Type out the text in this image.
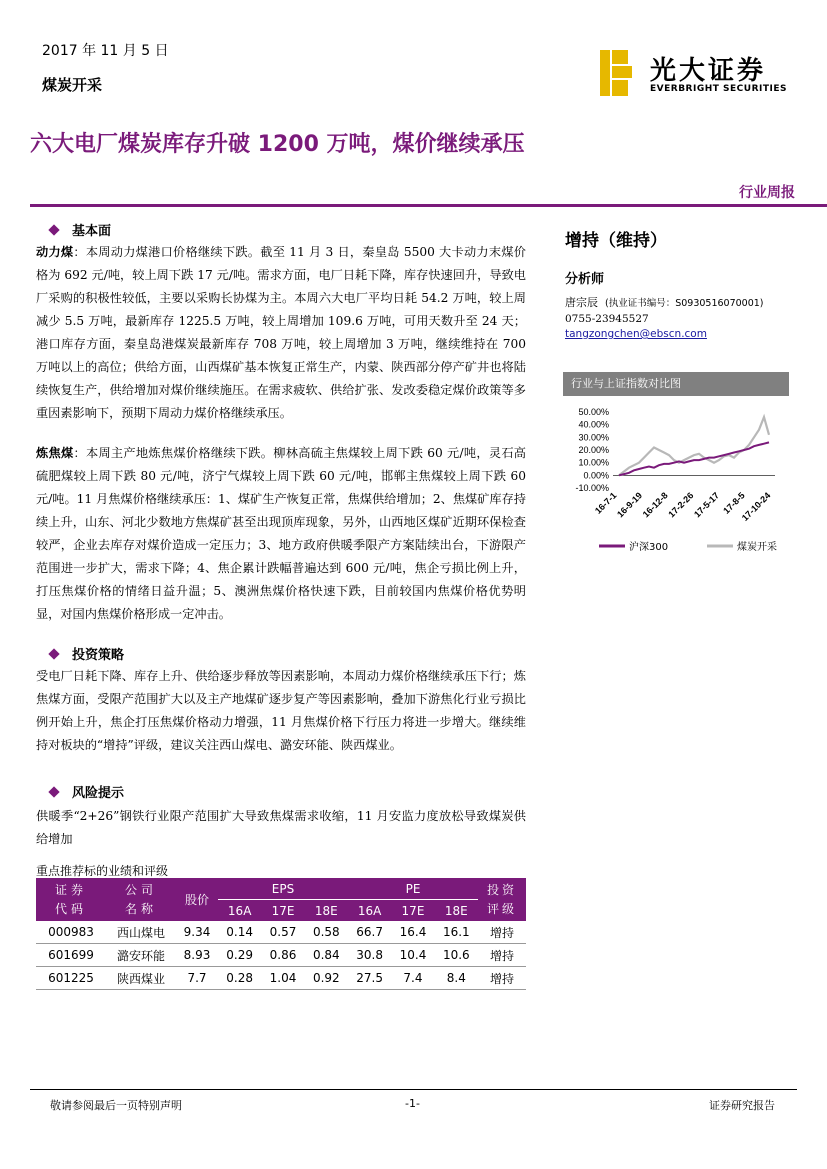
2017 年 11 月 5 日
煤炭开采	光大证券
EVERBRIGHT SECURITIES
六大电厂煤炭库存升破 1200 万吨，煤价继续承压
行业周报
基本面
动力煤：本周动力煤港口价格继续下跌。截至 11 月 3 日，秦皇岛 5500 大卡动力末煤价格为 692 元/吨，较上周下跌 17 元/吨。需求方面，电厂日耗下降，库存快速回升，导致电厂采购的积极性较低，主要以采购长协煤为主。本周六大电厂平均日耗 54.2 万吨，较上周减少 5.5 万吨，最新库存 1225.5 万吨，较上周增加 109.6 万吨，可用天数升至 24 天；港口库存方面，秦皇岛港煤炭最新库存 708 万吨，较上周增加 3 万吨，继续维持在 700 万吨以上的高位；供给方面，山西煤矿基本恢复正常生产，内蒙、陕西部分停产矿井也将陆续恢复生产，供给增加对煤价继续施压。在需求疲软、供给扩张、发改委稳定煤价政策等多重因素影响下，预期下周动力煤价格继续承压。
炼焦煤：本周主产地炼焦煤价格继续下跌。柳林高硫主焦煤较上周下跌 60 元/吨，灵石高硫肥煤较上周下跌 80 元/吨，济宁气煤较上周下跌 60 元/吨，邯郸主焦煤较上周下跌 60 元/吨。11 月焦煤价格继续承压：1、煤矿生产恢复正常，焦煤供给增加；2、焦煤矿库存持续上升，山东、河北少数地方焦煤矿甚至出现顶库现象，另外，山西地区煤矿近期环保检查较严，企业去库存对煤价造成一定压力；3、地方政府供暖季限产方案陆续出台，下游限产范围进一步扩大，需求下降；4、焦企累计跌幅普遍达到 600 元/吨，焦企亏损比例上升，打压焦煤价格的情绪日益升温；5、澳洲焦煤价格快速下跌，目前较国内焦煤价格优势明显，对国内焦煤价格形成一定冲击。
投资策略
受电厂日耗下降、库存上升、供给逐步释放等因素影响，本周动力煤价格继续承压下行；炼焦煤方面，受限产范围扩大以及主产地煤矿逐步复产等因素影响，叠加下游焦化行业亏损比例开始上升，焦企打压焦煤价格动力增强，11 月焦煤价格下行压力将进一步增大。继续维持对板块的“增持”评级，建议关注西山煤电、潞安环能、陕西煤业。
风险提示
供暖季“2+26”钢铁行业限产范围扩大导致焦煤需求收缩，11 月安监力度放松导致煤炭供给增加
增持（维持）
分析师
唐宗辰 (执业证书编号：S0930516070001)
0755-23945527
tangzongchen@ebscn.com
行业与上证指数对比图
50.00%
40.00%
30.00%
20.00%
10.00%
0.00%
-10.00%
16-7-1
16-9-19
16-12-8
17-2-26
17-5-17 17-8-5
17-10-24
沪深300	煤炭开采
重点推荐标的业绩和评级
证券代码	公司名称	股价	EPS			PE			投资评级
			16A	17E	18E	16A	17E	18E	
000983	西山煤电	9.34	0.14	0.57	0.58	66.7	16.4	16.1	增持
601699	潞安环能	8.93	0.29	0.86	0.84	30.8	10.4	10.6	增持
601225	陕西煤业	7.7	0.28	1.04	0.92	27.5	7.4	8.4	增持
敬请参阅最后一页特别声明	-1-	证券研究报告
